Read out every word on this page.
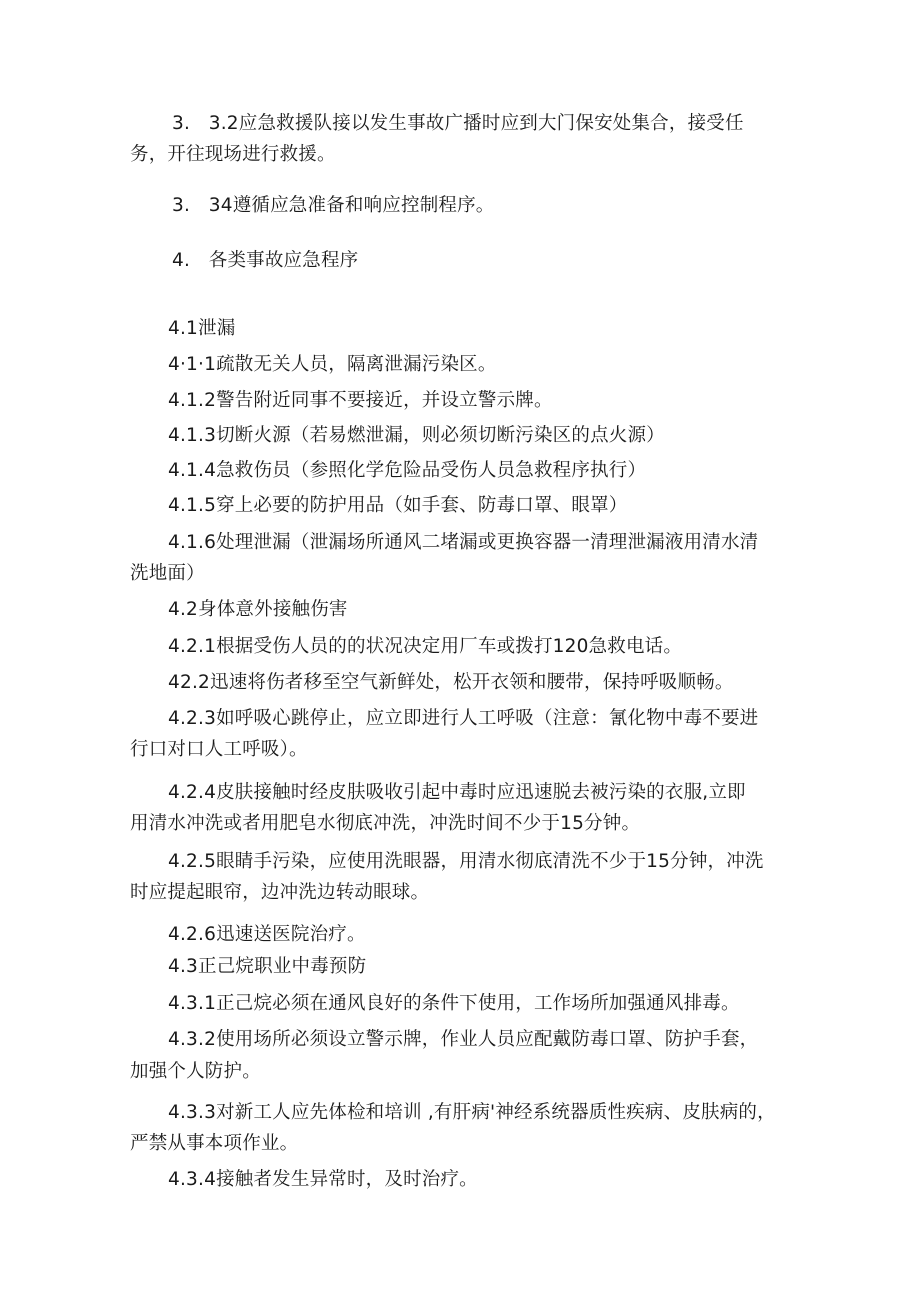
3.　3.2应急救援队接以发生事故广播时应到大门保安处集合，接受任
务，开往现场进行救援。
3.　34遵循应急准备和响应控制程序。
4.　各类事故应急程序
4.1泄漏
4·1·1疏散无关人员，隔离泄漏污染区。
4.1.2警告附近同事不要接近，并设立警示牌。
4.1.3切断火源（若易燃泄漏，则必须切断污染区的点火源）
4.1.4急救伤员（参照化学危险品受伤人员急救程序执行）
4.1.5穿上必要的防护用品（如手套、防毒口罩、眼罩）
4.1.6处理泄漏（泄漏场所通风二堵漏或更换容器一清理泄漏液用清水清
洗地面）
4.2身体意外接触伤害
4.2.1根据受伤人员的的状况决定用厂车或拨打120急救电话。
42.2迅速将伤者移至空气新鲜处，松开衣领和腰带，保持呼吸顺畅。
4.2.3如呼吸心跳停止，应立即进行人工呼吸（注意：氰化物中毒不要进
行口对口人工呼吸）。
4.2.4皮肤接触时经皮肤吸收引起中毒时应迅速脱去被污染的衣服,立即
用清水冲洗或者用肥皂水彻底冲洗，冲洗时间不少于15分钟。
4.2.5眼睛手污染，应使用洗眼器，用清水彻底清洗不少于15分钟，冲洗
时应提起眼帘，边冲洗边转动眼球。
4.2.6迅速送医院治疗。
4.3正己烷职业中毒预防
4.3.1正己烷必须在通风良好的条件下使用，工作场所加强通风排毒。
4.3.2使用场所必须设立警示牌，作业人员应配戴防毒口罩、防护手套，
加强个人防护。
4.3.3对新工人应先体检和培训 ,有肝病'神经系统器质性疾病、皮肤病的，
严禁从事本项作业。
4.3.4接触者发生异常时，及时治疗。
